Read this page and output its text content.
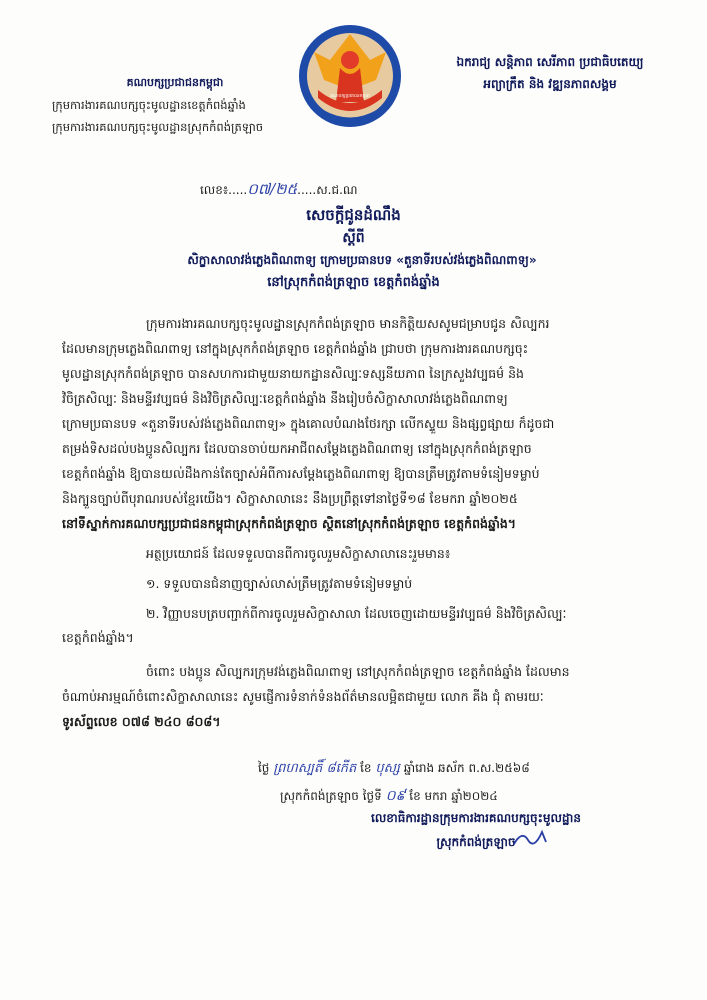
គណបក្សប្រជាជនកម្ពុជា
គណបក្សប្រជាជនកម្ពុជា
ក្រុមការងារគណបក្សចុះមូលដ្ឋានខេត្តកំពង់ឆ្នាំង
ក្រុមការងារគណបក្សចុះមូលដ្ឋានស្រុកកំពង់ត្រឡាច
ឯករាជ្យ សន្តិភាព សេរីភាព ប្រជាធិបតេយ្យ
អព្យាក្រឹត និង វឌ្ឍនភាពសង្គម
លេខ៖.....០៧/២៥.....ស.ជ.ណ
សេចក្តីជូនដំណឹង
ស្តីពី
សិក្ខាសាលាវង់ភ្លេងពិណពាទ្យ ក្រោមប្រធានបទ «តួនាទីរបស់វង់ភ្លេងពិណពាទ្យ»
នៅស្រុកកំពង់ត្រឡាច ខេត្តកំពង់ឆ្នាំង
ក្រុមការងារគណបក្សចុះមូលដ្ឋានស្រុកកំពង់ត្រឡាច មានកិត្តិយសសូមជម្រាបជូន សិល្បករ
ដែលមានក្រុមភ្លេងពិណពាទ្យ នៅក្នុងស្រុកកំពង់ត្រឡាច ខេត្តកំពង់ឆ្នាំង ជ្រាបថា ក្រុមការងារគណបក្សចុះ
មូលដ្ឋានស្រុកកំពង់ត្រឡាច បានសហការជាមួយនាយកដ្ឋានសិល្បៈទស្សនីយភាព នៃក្រសួងវប្បធម៌ និង
វិចិត្រសិល្បៈ និងមន្ទីរវប្បធម៌ និងវិចិត្រសិល្បៈខេត្តកំពង់ឆ្នាំង នឹងរៀបចំសិក្ខាសាលាវង់ភ្លេងពិណពាទ្យ
ក្រោមប្រធានបទ «តួនាទីរបស់វង់ភ្លេងពិណពាទ្យ» ក្នុងគោលបំណងថែរក្សា លើកស្ទួយ និងផ្សព្វផ្សាយ ក៏ដូចជា
តម្រង់ទិសដល់បងប្អូនសិល្បករ ដែលបានចាប់យកអាជីពសម្តែងភ្លេងពិណពាទ្យ នៅក្នុងស្រុកកំពង់ត្រឡាច
ខេត្តកំពង់ឆ្នាំង ឱ្យបានយល់ដឹងកាន់តែច្បាស់អំពីការសម្តែងភ្លេងពិណពាទ្យ ឱ្យបានត្រឹមត្រូវតាមទំនៀមទម្លាប់
និងក្បួនច្បាប់ពីបុរាណរបស់ខ្មែរយើង។ សិក្ខាសាលានេះ នឹងប្រព្រឹត្តទៅនាថ្ងៃទី១៨ ខែមករា ឆ្នាំ២០២៥
នៅទីស្នាក់ការគណបក្សប្រជាជនកម្ពុជាស្រុកកំពង់ត្រឡាច ស្ថិតនៅស្រុកកំពង់ត្រឡាច ខេត្តកំពង់ឆ្នាំង។
អត្ថប្រយោជន៍ ដែលទទួលបានពីការចូលរួមសិក្ខាសាលានេះរួមមាន៖
១. ទទួលបានជំនាញច្បាស់លាស់ត្រឹមត្រូវតាមទំនៀមទម្លាប់
២. វិញ្ញាបនបត្របញ្ជាក់ពីការចូលរួមសិក្ខាសាលា ដែលចេញដោយមន្ទីរវប្បធម៌ និងវិចិត្រសិល្បៈ
ខេត្តកំពង់ឆ្នាំង។
ចំពោះ បងប្អូន សិល្បករក្រុមវង់ភ្លេងពិណពាទ្យ នៅស្រុកកំពង់ត្រឡាច ខេត្តកំពង់ឆ្នាំង ដែលមាន
ចំណាប់អារម្មណ៍ចំពោះសិក្ខាសាលានេះ សូមផ្ញើការទំនាក់ទំនងព័ត៌មានលម្អិតជាមួយ លោក គីង ជុំ តាមរយៈ
ទូរស័ព្ទលេខ ០៧៨ ២៤០ ៨០៨។
ថ្ងៃ ព្រហស្បតិ៍ ៨កើត ខែ បុស្ស ឆ្នាំរោង ឆស័ក ព.ស.២៥៦៨
ស្រុកកំពង់ត្រឡាច ថ្ងៃទី ០៩ ខែ មករា ឆ្នាំ២០២៤
លេខាធិការដ្ឋានក្រុមការងារគណបក្សចុះមូលដ្ឋាន
ស្រុកកំពង់ត្រឡាច
